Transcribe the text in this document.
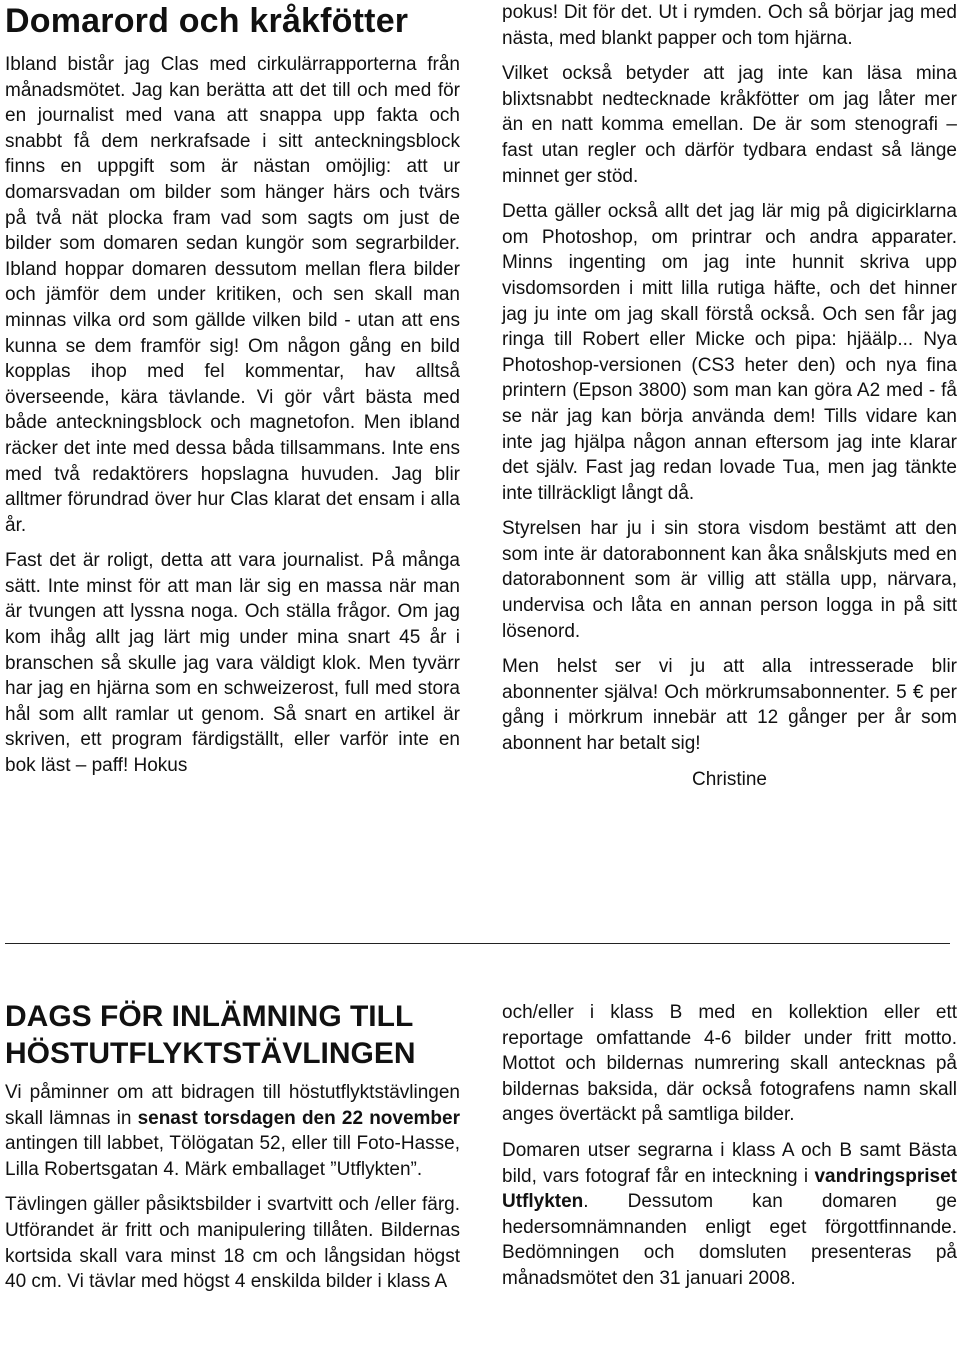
Domarord och kråkfötter

Ibland bistår jag Clas med cirkulärrapporterna från månadsmötet. Jag kan berätta att det till och med för en journalist med vana att snappa upp fakta och snabbt få dem nerkrafsade i sitt anteckningsblock finns en uppgift som är nästan omöjlig: att ur domarsvadan om bilder som hänger härs och tvärs på två nät plocka fram vad som sagts om just de bilder som domaren sedan kungör som segrarbilder. Ibland hoppar domaren dessutom mellan flera bilder och jämför dem under kritiken, och sen skall man minnas vilka ord som gällde vilken bild - utan att ens kunna se dem framför sig! Om någon gång en bild kopplas ihop med fel kommentar, hav alltså överseende, kära tävlande. Vi gör vårt bästa med både anteckningsblock och magnetofon. Men ibland räcker det inte med dessa båda tillsammans. Inte ens med två redaktörers hopslagna huvuden. Jag blir alltmer förundrad över hur Clas klarat det ensam i alla år.

Fast det är roligt, detta att vara journalist. På många sätt. Inte minst för att man lär sig en massa när man är tvungen att lyssna noga. Och ställa frågor. Om jag kom ihåg allt jag lärt mig under mina snart 45 år i branschen så skulle jag vara väldigt klok. Men tyvärr har jag en hjärna som en schweizerost, full med stora hål som allt ramlar ut genom. Så snart en artikel är skriven, ett program färdigställt, eller varför inte en bok läst – paff! Hokus

pokus! Dit för det. Ut i rymden. Och så börjar jag med nästa, med blankt papper och tom hjärna.

Vilket också betyder att jag inte kan läsa mina blixtsnabbt nedtecknade kråkfötter om jag låter mer än en natt komma emellan. De är som stenografi – fast utan regler och därför tydbara endast så länge minnet ger stöd.

Detta gäller också allt det jag lär mig på digicirklarna om Photoshop, om printrar och andra apparater. Minns ingenting om jag inte hunnit skriva upp visdomsorden i mitt lilla rutiga häfte, och det hinner jag ju inte om jag skall förstå också. Och sen får jag ringa till Robert eller Micke och pipa: hjäälp... Nya Photoshop-versionen (CS3 heter den) och nya fina printern (Epson 3800) som man kan göra A2 med - få se när jag kan börja använda dem! Tills vidare kan inte jag hjälpa någon annan eftersom jag inte klarar det själv. Fast jag redan lovade Tua, men jag tänkte inte tillräckligt långt då.

Styrelsen har ju i sin stora visdom bestämt att den som inte är datorabonnent kan åka snålskjuts med en datorabonnent som är villig att ställa upp, närvara, undervisa och låta en annan person logga in på sitt lösenord.

Men helst ser vi ju att alla intresserade blir abonnenter själva! Och mörkrumsabonnenter. 5 € per gång i mörkrum innebär att 12 gånger per år som abonnent har betalt sig!

Christine
DAGS FÖR INLÄMNING TILL HÖSTUTFLYKTSTÄVLINGEN

Vi påminner om att bidragen till höstutflyktstävlingen skall lämnas in senast torsdagen den 22 november antingen till labbet, Tölögatan 52, eller till Foto-Hasse, Lilla Robertsgatan 4. Märk emballaget ”Utflykten”.

Tävlingen gäller påsiktsbilder i svartvitt och /eller färg. Utförandet är fritt och manipulering tillåten. Bildernas kortsida skall vara minst 18 cm och långsidan högst 40 cm. Vi tävlar med högst 4 enskilda bilder i klass A

och/eller i klass B med en kollektion eller ett reportage omfattande 4-6 bilder under fritt motto. Mottot och bildernas numrering skall antecknas på bildernas baksida, där också fotografens namn skall anges övertäckt på samtliga bilder.

Domaren utser segrarna i klass A och B samt Bästa bild, vars fotograf får en inteckning i vandringspriset Utflykten. Dessutom kan domaren ge hedersomnämnanden enligt eget förgottfinnande. Bedömningen och domsluten presenteras på månadsmötet den 31 januari 2008.
